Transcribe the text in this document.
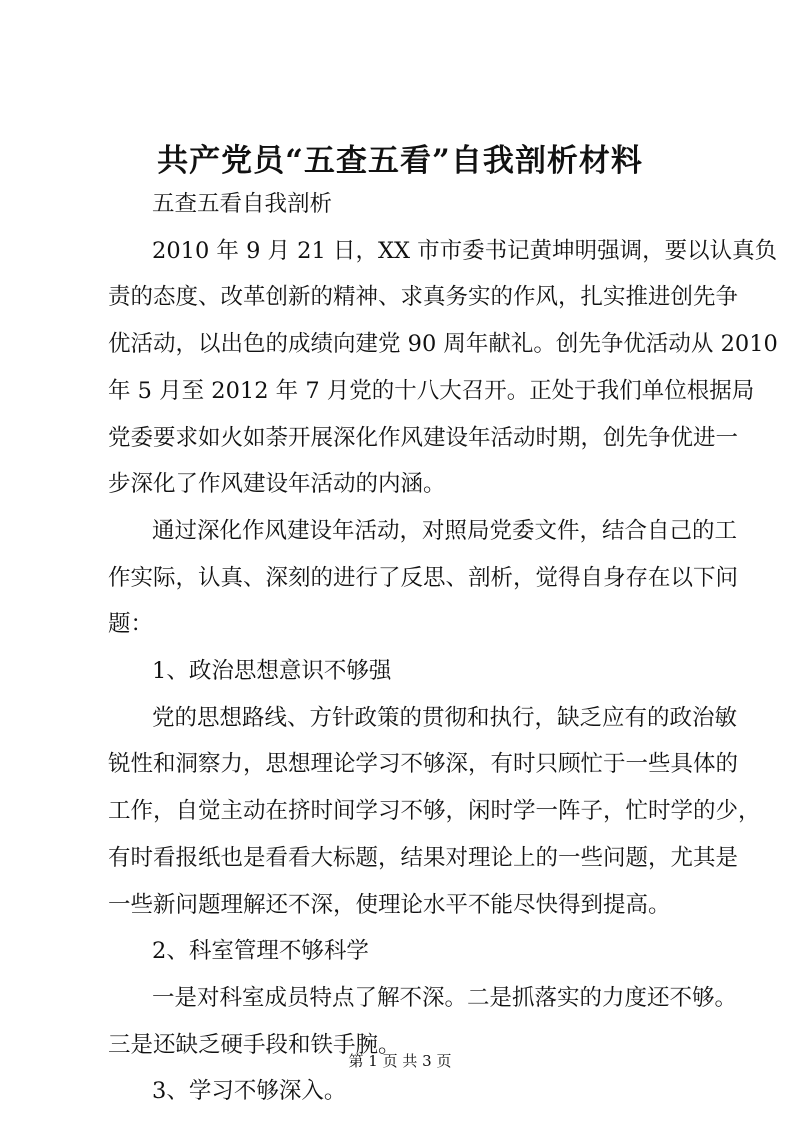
共产党员“五查五看”自我剖析材料
五查五看自我剖析
2010 年 9 月 21 日，XX 市市委书记黄坤明强调，要以认真负
责的态度、改革创新的精神、求真务实的作风，扎实推进创先争
优活动，以出色的成绩向建党 90 周年献礼。创先争优活动从 2010
年 5 月至 2012 年 7 月党的十八大召开。正处于我们单位根据局
党委要求如火如荼开展深化作风建设年活动时期，创先争优进一
步深化了作风建设年活动的内涵。
通过深化作风建设年活动，对照局党委文件，结合自己的工
作实际，认真、深刻的进行了反思、剖析，觉得自身存在以下问
题：
1、政治思想意识不够强
党的思想路线、方针政策的贯彻和执行，缺乏应有的政治敏
锐性和洞察力，思想理论学习不够深，有时只顾忙于一些具体的
工作，自觉主动在挤时间学习不够，闲时学一阵子，忙时学的少，
有时看报纸也是看看大标题，结果对理论上的一些问题，尤其是
一些新问题理解还不深，使理论水平不能尽快得到提高。
2、科室管理不够科学
一是对科室成员特点了解不深。二是抓落实的力度还不够。
三是还缺乏硬手段和铁手腕。
3、学习不够深入。
第 1 页 共 3 页
